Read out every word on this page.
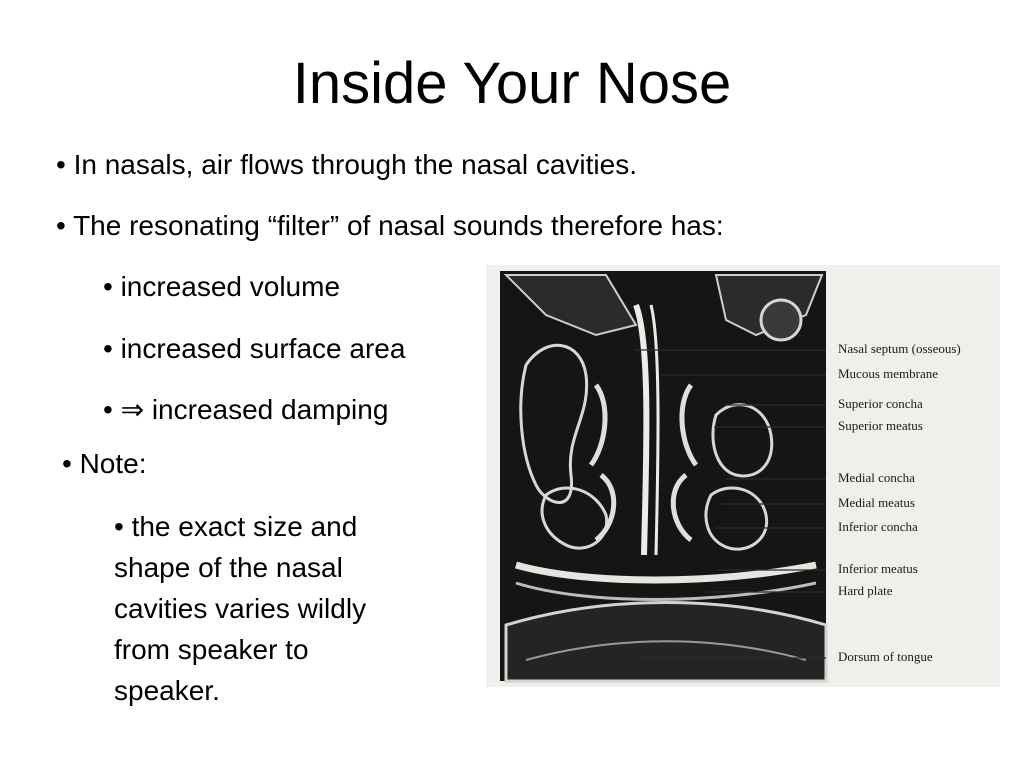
Inside Your Nose
• In nasals, air flows through the nasal cavities.
• The resonating “filter” of nasal sounds therefore has:
• increased volume
• increased surface area
• ⇒ increased damping
• Note:
• the exact size and
shape of the nasal
cavities varies wildly
from speaker to
speaker.
Nasal septum (osseous)
Mucous membrane
Superior concha
Superior meatus
Medial concha
Medial meatus
Inferior concha
Inferior meatus
Hard plate
Dorsum of tongue
